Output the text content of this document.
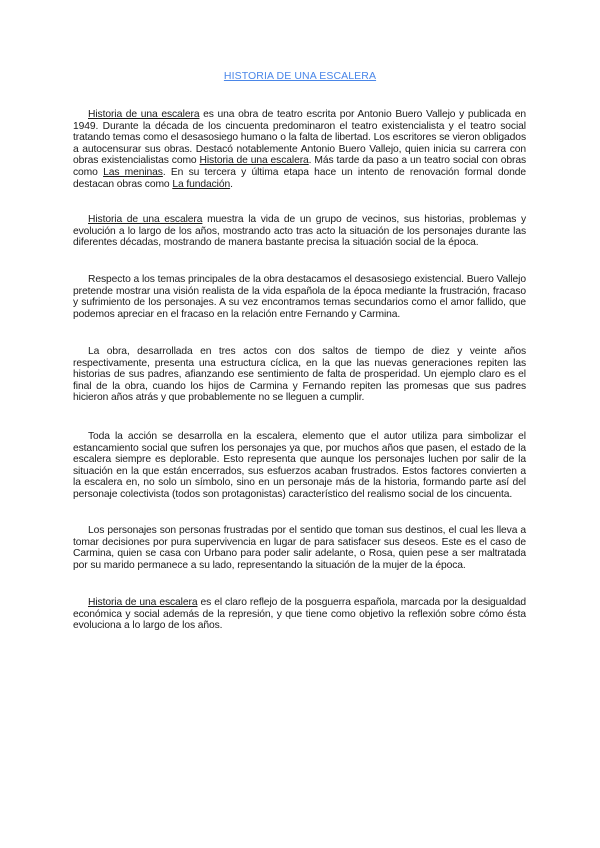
HISTORIA DE UNA ESCALERA

Historia de una escalera es una obra de teatro escrita por Antonio Buero Vallejo y publicada en 1949. Durante la década de los cincuenta predominaron el teatro existencialista y el teatro social tratando temas como el desasosiego humano o la falta de libertad. Los escritores se vieron obligados a autocensurar sus obras. Destacó notablemente Antonio Buero Vallejo, quien inicia su carrera con obras existencialistas como Historia de una escalera. Más tarde da paso a un teatro social con obras como Las meninas. En su tercera y última etapa hace un intento de renovación formal donde destacan obras como La fundación.

Historia de una escalera muestra la vida de un grupo de vecinos, sus historias, problemas y evolución a lo largo de los años, mostrando acto tras acto la situación de los personajes durante las diferentes décadas, mostrando de manera bastante precisa la situación social de la época.

Respecto a los temas principales de la obra destacamos el desasosiego existencial. Buero Vallejo pretende mostrar una visión realista de la vida española de la época mediante la frustración, fracaso y sufrimiento de los personajes. A su vez encontramos temas secundarios como el amor fallido, que podemos apreciar en el fracaso en la relación entre Fernando y Carmina.

La obra, desarrollada en tres actos con dos saltos de tiempo de diez y veinte años respectivamente, presenta una estructura cíclica, en la que las nuevas generaciones repiten las historias de sus padres, afianzando ese sentimiento de falta de prosperidad. Un ejemplo claro es el final de la obra, cuando los hijos de Carmina y Fernando repiten las promesas que sus padres hicieron años atrás y que probablemente no se lleguen a cumplir.

Toda la acción se desarrolla en la escalera, elemento que el autor utiliza para simbolizar el estancamiento social que sufren los personajes ya que, por muchos años que pasen, el estado de la escalera siempre es deplorable. Esto representa que aunque los personajes luchen por salir de la situación en la que están encerrados, sus esfuerzos acaban frustrados. Estos factores convierten a la escalera en, no solo un símbolo, sino en un personaje más de la historia, formando parte así del personaje colectivista (todos son protagonistas) característico del realismo social de los cincuenta.

Los personajes son personas frustradas por el sentido que toman sus destinos, el cual les lleva a tomar decisiones por pura supervivencia en lugar de para satisfacer sus deseos. Este es el caso de Carmina, quien se casa con Urbano para poder salir adelante, o Rosa, quien pese a ser maltratada por su marido permanece a su lado, representando la situación de la mujer de la época.

Historia de una escalera es el claro reflejo de la posguerra española, marcada por la desigualdad económica y social además de la represión, y que tiene como objetivo la reflexión sobre cómo ésta evoluciona a lo largo de los años.
